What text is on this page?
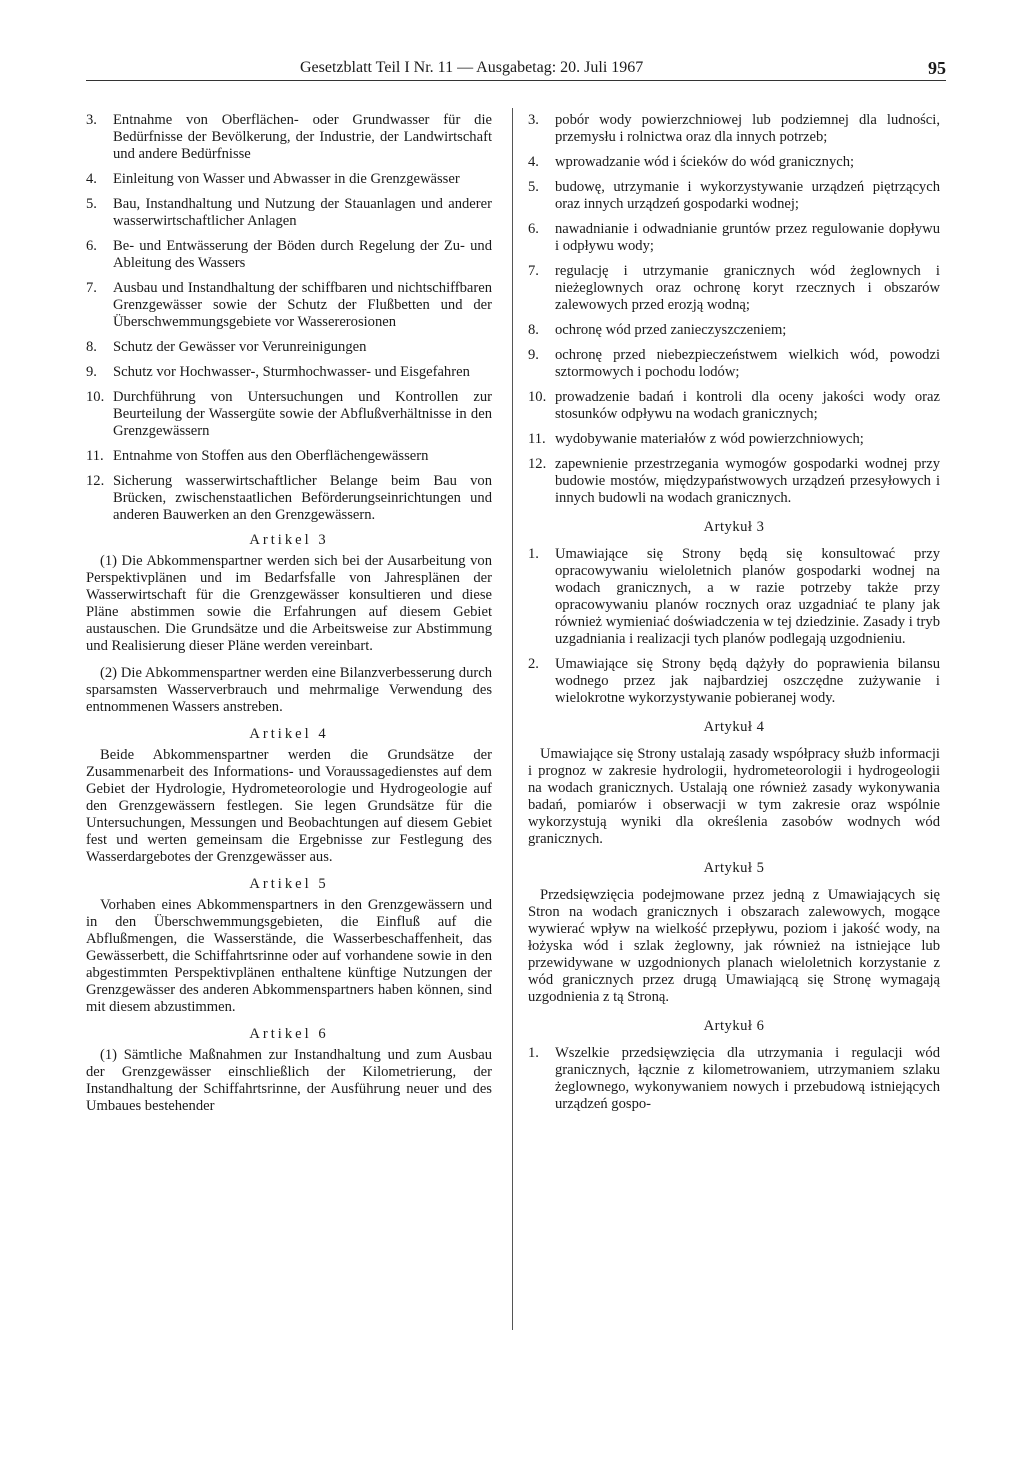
Gesetzblatt Teil I Nr. 11 — Ausgabetag: 20. Juli 1967	95
3. Entnahme von Oberflächen- oder Grundwasser für die Bedürfnisse der Bevölkerung, der Industrie, der Landwirtschaft und andere Bedürfnisse
4. Einleitung von Wasser und Abwasser in die Grenzgewässer
5. Bau, Instandhaltung und Nutzung der Stauanlagen und anderer wasserwirtschaftlicher Anlagen
6. Be- und Entwässerung der Böden durch Regelung der Zu- und Ableitung des Wassers
7. Ausbau und Instandhaltung der schiffbaren und nichtschiffbaren Grenzgewässer sowie der Schutz der Flußbetten und der Überschwemmungsgebiete vor Wassererosionen
8. Schutz der Gewässer vor Verunreinigungen
9. Schutz vor Hochwasser-, Sturmhochwasser- und Eisgefahren
10. Durchführung von Untersuchungen und Kontrollen zur Beurteilung der Wassergüte sowie der Abflußverhältnisse in den Grenzgewässern
11. Entnahme von Stoffen aus den Oberflächengewässern
12. Sicherung wasserwirtschaftlicher Belange beim Bau von Brücken, zwischenstaatlichen Beförderungseinrichtungen und anderen Bauwerken an den Grenzgewässern.
Artikel 3

(1) Die Abkommenspartner werden sich bei der Ausarbeitung von Perspektivplänen und im Bedarfsfalle von Jahresplänen der Wasserwirtschaft für die Grenzgewässer konsultieren und diese Pläne abstimmen sowie die Erfahrungen auf diesem Gebiet austauschen. Die Grundsätze und die Arbeitsweise zur Abstimmung und Realisierung dieser Pläne werden vereinbart.

(2) Die Abkommenspartner werden eine Bilanzverbesserung durch sparsamsten Wasserverbrauch und mehrmalige Verwendung des entnommenen Wassers anstreben.

Artikel 4

Beide Abkommenspartner werden die Grundsätze der Zusammenarbeit des Informations- und Voraussagedienstes auf dem Gebiet der Hydrologie, Hydrometeorologie und Hydrogeologie auf den Grenzgewässern festlegen. Sie legen Grundsätze für die Untersuchungen, Messungen und Beobachtungen auf diesem Gebiet fest und werten gemeinsam die Ergebnisse zur Festlegung des Wasserdargebotes der Grenzgewässer aus.

Artikel 5

Vorhaben eines Abkommenspartners in den Grenzgewässern und in den Überschwemmungsgebieten, die Einfluß auf die Abflußmengen, die Wasserstände, die Wasserbeschaffenheit, das Gewässerbett, die Schiffahrtsrinne oder auf vorhandene sowie in den abgestimmten Perspektivplänen enthaltene künftige Nutzungen der Grenzgewässer des anderen Abkommenspartners haben können, sind mit diesem abzustimmen.

Artikel 6

(1) Sämtliche Maßnahmen zur Instandhaltung und zum Ausbau der Grenzgewässer einschließlich der Kilometrierung, der Instandhaltung der Schiffahrtsrinne, der Ausführung neuer und des Umbaues bestehender

3. pobór wody powierzchniowej lub podziemnej dla ludności, przemysłu i rolnictwa oraz dla innych potrzeb;
4. wprowadzanie wód i ścieków do wód granicznych;
5. budowę, utrzymanie i wykorzystywanie urządzeń piętrzących oraz innych urządzeń gospodarki wodnej;
6. nawadnianie i odwadnianie gruntów przez regulowanie dopływu i odpływu wody;
7. regulację i utrzymanie granicznych wód żeglownych i nieżeglownych oraz ochronę koryt rzecznych i obszarów zalewowych przed erozją wodną;
8. ochronę wód przed zanieczyszczeniem;
9. ochronę przed niebezpieczeństwem wielkich wód, powodzi sztormowych i pochodu lodów;
10. prowadzenie badań i kontroli dla oceny jakości wody oraz stosunków odpływu na wodach granicznych;
11. wydobywanie materiałów z wód powierzchniowych;
12. zapewnienie przestrzegania wymogów gospodarki wodnej przy budowie mostów, międzypaństwowych urządzeń przesyłowych i innych budowli na wodach granicznych.
Artykuł 3
1. Umawiające się Strony będą się konsultować przy opracowywaniu wieloletnich planów gospodarki wodnej na wodach granicznych, a w razie potrzeby także przy opracowywaniu planów rocznych oraz uzgadniać te plany jak również wymieniać doświadczenia w tej dziedzinie. Zasady i tryb uzgadniania i realizacji tych planów podlegają uzgodnieniu.
2. Umawiające się Strony będą dążyły do poprawienia bilansu wodnego przez jak najbardziej oszczędne zużywanie i wielokrotne wykorzystywanie pobieranej wody.
Artykuł 4

Umawiające się Strony ustalają zasady współpracy służb informacji i prognoz w zakresie hydrologii, hydrometeorologii i hydrogeologii na wodach granicznych. Ustalają one również zasady wykonywania badań, pomiarów i obserwacji w tym zakresie oraz wspólnie wykorzystują wyniki dla określenia zasobów wodnych wód granicznych.

Artykuł 5

Przedsięwzięcia podejmowane przez jedną z Umawiających się Stron na wodach granicznych i obszarach zalewowych, mogące wywierać wpływ na wielkość przepływu, poziom i jakość wody, na łożyska wód i szlak żeglowny, jak również na istniejące lub przewidywane w uzgodnionych planach wieloletnich korzystanie z wód granicznych przez drugą Umawiającą się Stronę wymagają uzgodnienia z tą Stroną.

Artykuł 6
1. Wszelkie przedsięwzięcia dla utrzymania i regulacji wód granicznych, łącznie z kilometrowaniem, utrzymaniem szlaku żeglownego, wykonywaniem nowych i przebudową istniejących urządzeń gospo-
